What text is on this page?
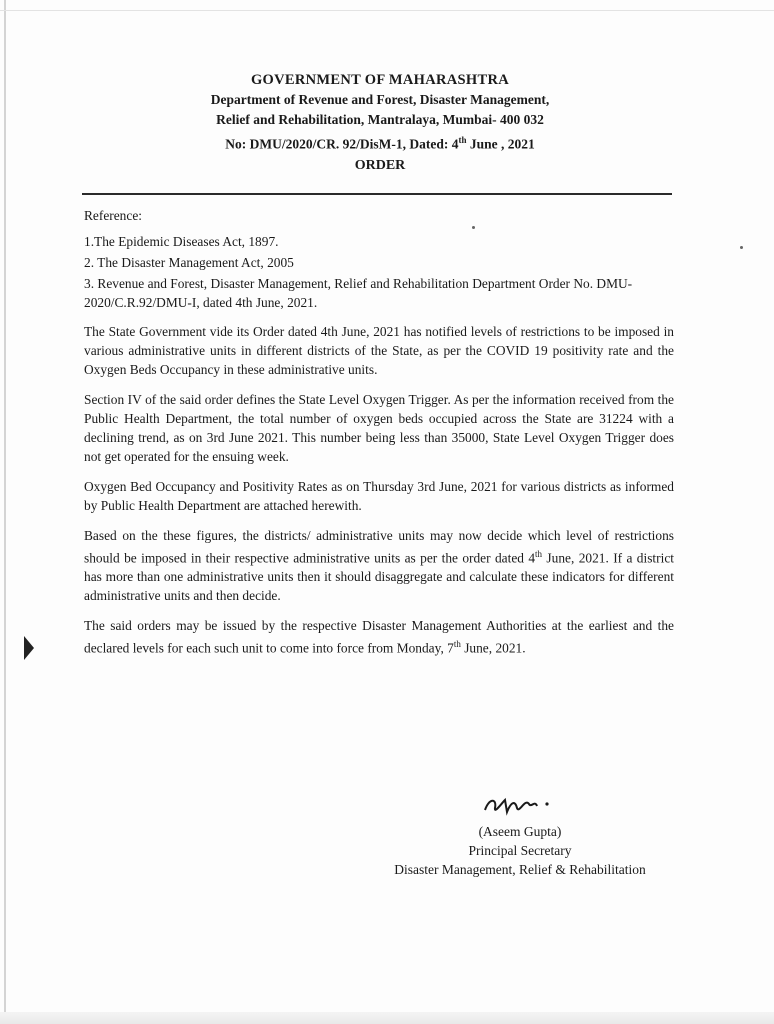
GOVERNMENT OF MAHARASHTRA
Department of Revenue and Forest, Disaster Management,
Relief and Rehabilitation, Mantralaya, Mumbai- 400 032
No: DMU/2020/CR. 92/DisM-1, Dated: 4th June , 2021
ORDER

Reference:

1.The Epidemic Diseases Act, 1897.
2. The Disaster Management Act, 2005
3. Revenue and Forest, Disaster Management, Relief and Rehabilitation Department Order No. DMU-2020/C.R.92/DMU-I, dated 4th June, 2021.

The State Government vide its Order dated 4th June, 2021 has notified levels of restrictions to be imposed in various administrative units in different districts of the State, as per the COVID 19 positivity rate and the Oxygen Beds Occupancy in these administrative units.

Section IV of the said order defines the State Level Oxygen Trigger. As per the information received from the Public Health Department, the total number of oxygen beds occupied across the State are 31224 with a declining trend, as on 3rd June 2021. This number being less than 35000, State Level Oxygen Trigger does not get operated for the ensuing week.

Oxygen Bed Occupancy and Positivity Rates as on Thursday 3rd June, 2021 for various districts as informed by Public Health Department are attached herewith.

Based on the these figures, the districts/ administrative units may now decide which level of restrictions should be imposed in their respective administrative units as per the order dated 4th June, 2021. If a district has more than one administrative units then it should disaggregate and calculate these indicators for different administrative units and then decide.

The said orders may be issued by the respective Disaster Management Authorities at the earliest and the declared levels for each such unit to come into force from Monday, 7th June, 2021.

(Aseem Gupta)
Principal Secretary
Disaster Management, Relief & Rehabilitation
